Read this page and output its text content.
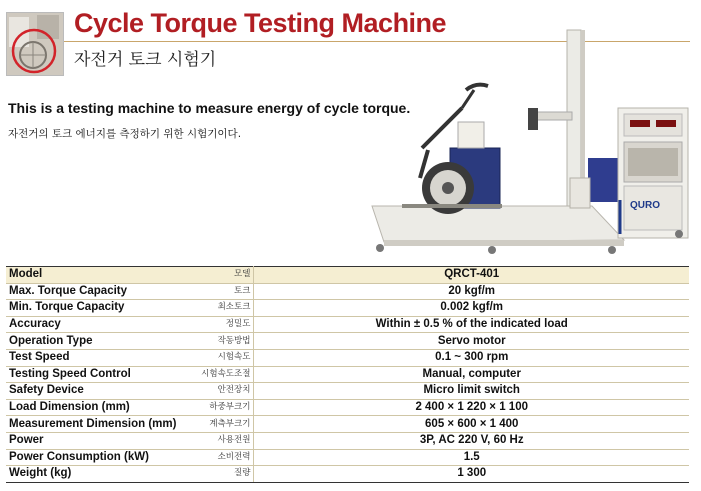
Cycle Torque Testing Machine
자전거 토크 시험기
This is a testing machine to measure energy of cycle torque.
자전거의 토크 에너지를 측정하기 위한 시험기이다.
QURO
Model	모델	QRCT-401
Max. Torque Capacity	토크	20 kgf/m
Min. Torque Capacity	최소토크	0.002 kgf/m
Accuracy	정밀도	Within ± 0.5 % of the indicated load
Operation Type	작동방법	Servo motor
Test Speed	시험속도	0.1 ~ 300 rpm
Testing Speed Control	시험속도조절	Manual, computer
Safety Device	안전장치	Micro limit switch
Load Dimension (mm)	하중부크기	2 400 × 1 220 × 1 100
Measurement Dimension (mm)	계측부크기	605 × 600 × 1 400
Power	사용전원	3P, AC 220 V, 60 Hz
Power Consumption (kW)	소비전력	1.5
Weight (kg)	질량	1 300
